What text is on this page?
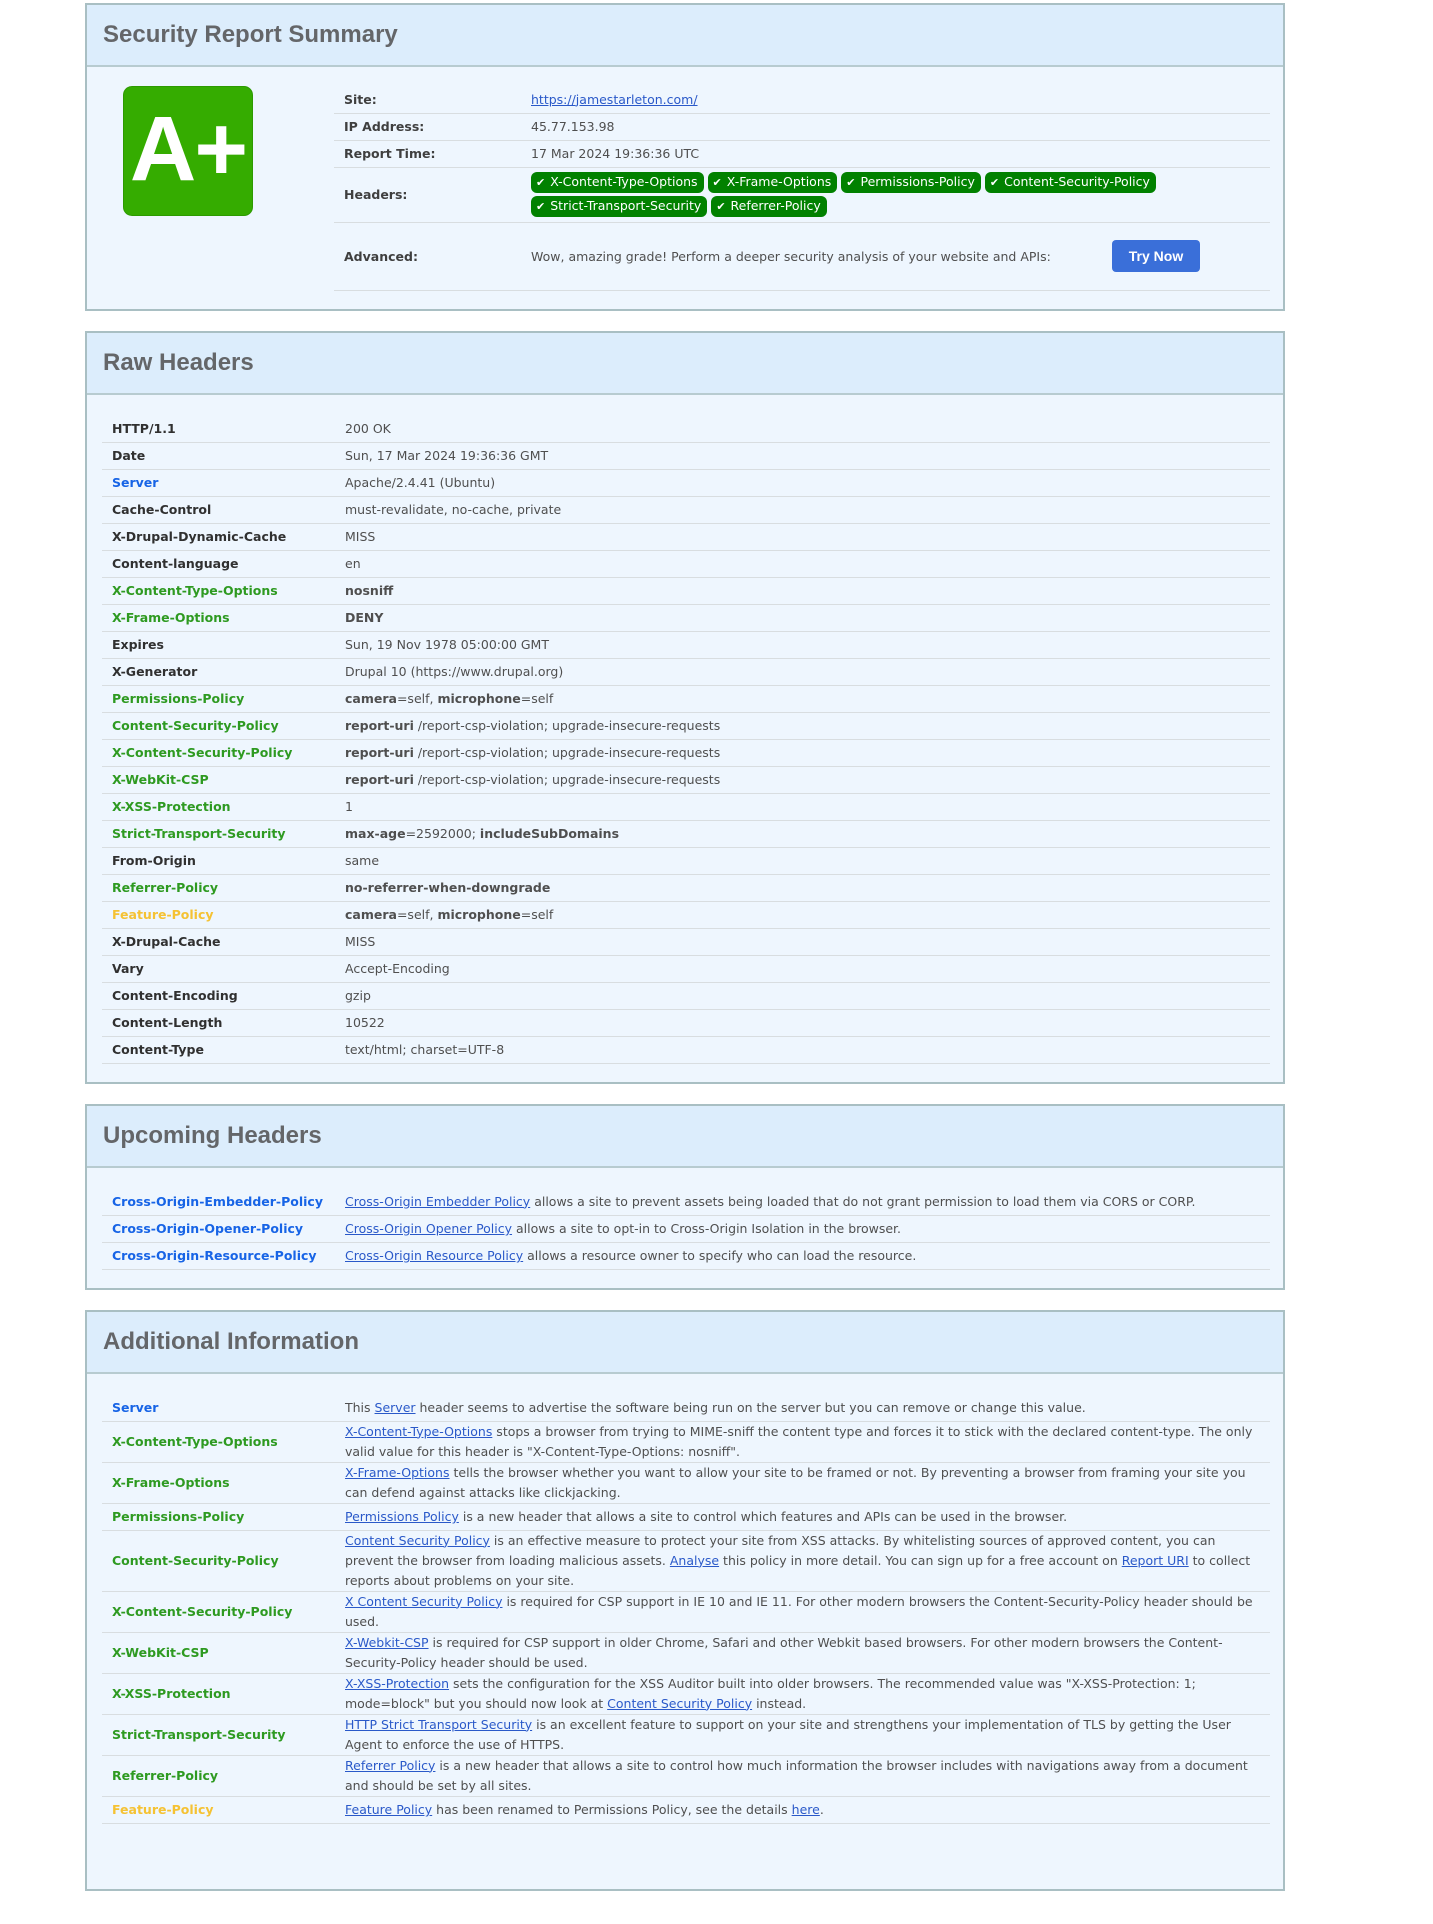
Security Report Summary
A+	Site:	https://jamestarleton.com/
IP Address:	45.77.153.98
Report Time:	17 Mar 2024 19:36:36 UTC
Headers:	
✔ X-Content-Type-Options ✔ X-Frame-Options ✔ Permissions-Policy ✔ Content-Security-Policy
✔ Strict-Transport-Security ✔ Referrer-Policy

Advanced:	Wow, amazing grade! Perform a deeper security analysis of your website and APIs: Try Now
Raw Headers
HTTP/1.1	200 OK
Date	Sun, 17 Mar 2024 19:36:36 GMT
Server	Apache/2.4.41 (Ubuntu)
Cache-Control	must-revalidate, no-cache, private
X-Drupal-Dynamic-Cache	MISS
Content-language	en
X-Content-Type-Options	nosniff
X-Frame-Options	DENY
Expires	Sun, 19 Nov 1978 05:00:00 GMT
X-Generator	Drupal 10 (https://www.drupal.org)
Permissions-Policy	camera=self, microphone=self
Content-Security-Policy	report-uri /report-csp-violation; upgrade-insecure-requests
X-Content-Security-Policy	report-uri /report-csp-violation; upgrade-insecure-requests
X-WebKit-CSP	report-uri /report-csp-violation; upgrade-insecure-requests
X-XSS-Protection	1
Strict-Transport-Security	max-age=2592000; includeSubDomains
From-Origin	same
Referrer-Policy	no-referrer-when-downgrade
Feature-Policy	camera=self, microphone=self
X-Drupal-Cache	MISS
Vary	Accept-Encoding
Content-Encoding	gzip
Content-Length	10522
Content-Type	text/html; charset=UTF-8
Upcoming Headers
Cross-Origin-Embedder-Policy	Cross-Origin Embedder Policy allows a site to prevent assets being loaded that do not grant permission to load them via CORS or CORP.
Cross-Origin-Opener-Policy	Cross-Origin Opener Policy allows a site to opt-in to Cross-Origin Isolation in the browser.
Cross-Origin-Resource-Policy	Cross-Origin Resource Policy allows a resource owner to specify who can load the resource.
Additional Information
Server	This Server header seems to advertise the software being run on the server but you can remove or change this value.
X-Content-Type-Options	X-Content-Type-Options stops a browser from trying to MIME-sniff the content type and forces it to stick with the declared content-type. The only valid value for this header is "X-Content-Type-Options: nosniff".
X-Frame-Options	X-Frame-Options tells the browser whether you want to allow your site to be framed or not. By preventing a browser from framing your site you can defend against attacks like clickjacking.
Permissions-Policy	Permissions Policy is a new header that allows a site to control which features and APIs can be used in the browser.
Content-Security-Policy	Content Security Policy is an effective measure to protect your site from XSS attacks. By whitelisting sources of approved content, you can prevent the browser from loading malicious assets. Analyse this policy in more detail. You can sign up for a free account on Report URI to collect reports about problems on your site.
X-Content-Security-Policy	X Content Security Policy is required for CSP support in IE 10 and IE 11. For other modern browsers the Content-Security-Policy header should be used.
X-WebKit-CSP	X-Webkit-CSP is required for CSP support in older Chrome, Safari and other Webkit based browsers. For other modern browsers the Content-Security-Policy header should be used.
X-XSS-Protection	X-XSS-Protection sets the configuration for the XSS Auditor built into older browsers. The recommended value was "X-XSS-Protection: 1; mode=block" but you should now look at Content Security Policy instead.
Strict-Transport-Security	HTTP Strict Transport Security is an excellent feature to support on your site and strengthens your implementation of TLS by getting the User Agent to enforce the use of HTTPS.
Referrer-Policy	Referrer Policy is a new header that allows a site to control how much information the browser includes with navigations away from a document and should be set by all sites.
Feature-Policy	Feature Policy has been renamed to Permissions Policy, see the details here.
